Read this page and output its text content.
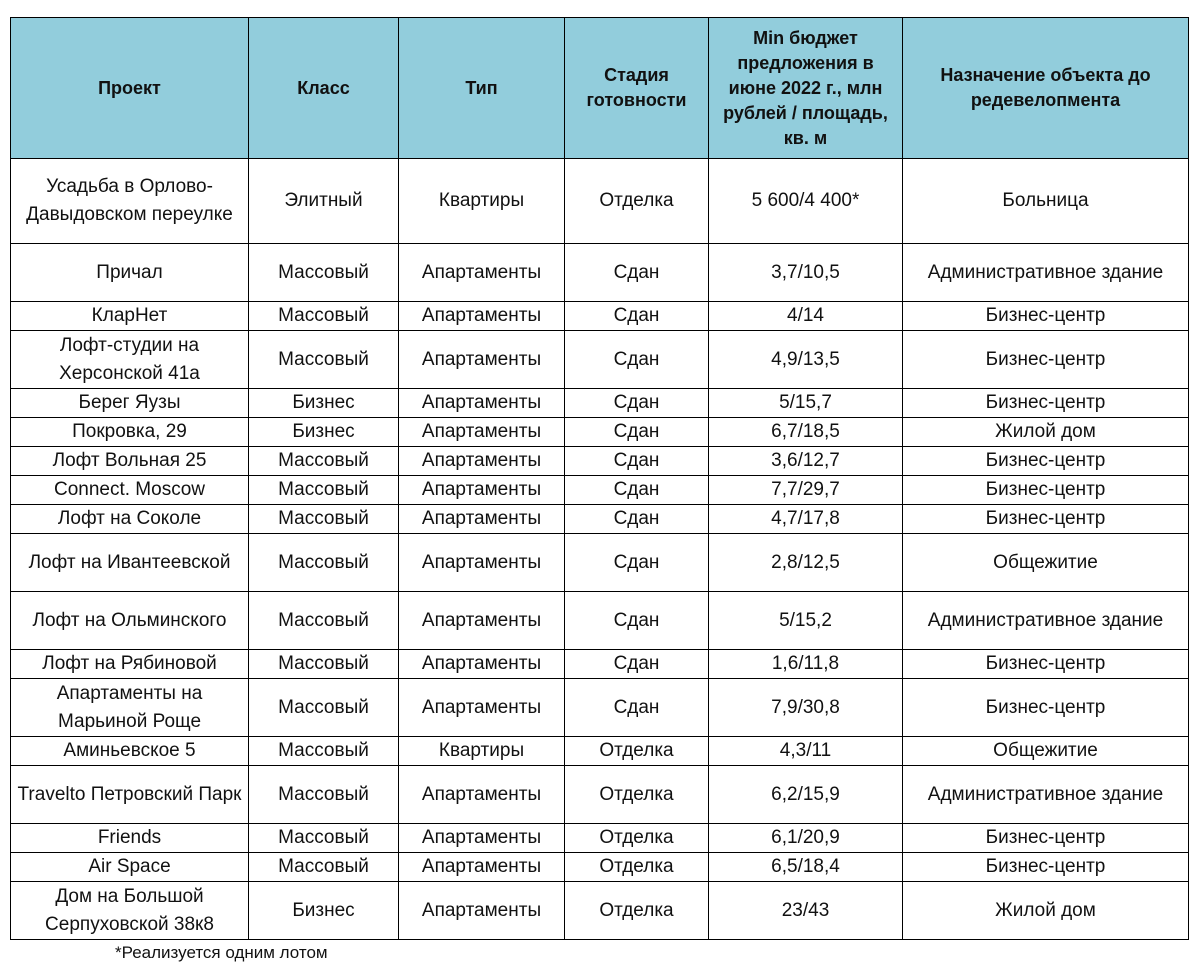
Проект	Класс	Тип	Стадия готовности	Min бюджет предложения в июне 2022 г., млн рублей / площадь, кв. м	Назначение объекта до редевелопмента
Усадьба в Орлово-Давыдовском переулке	Элитный	Квартиры	Отделка	5 600/4 400*	Больница
Причал	Массовый	Апартаменты	Сдан	3,7/10,5	Административное здание
КларНет	Массовый	Апартаменты	Сдан	4/14	Бизнес-центр
Лофт-студии на Херсонской 41а	Массовый	Апартаменты	Сдан	4,9/13,5	Бизнес-центр
Берег Яузы	Бизнес	Апартаменты	Сдан	5/15,7	Бизнес-центр
Покровка, 29	Бизнес	Апартаменты	Сдан	6,7/18,5	Жилой дом
Лофт Вольная 25	Массовый	Апартаменты	Сдан	3,6/12,7	Бизнес-центр
Connect. Moscow	Массовый	Апартаменты	Сдан	7,7/29,7	Бизнес-центр
Лофт на Соколе	Массовый	Апартаменты	Сдан	4,7/17,8	Бизнес-центр
Лофт на Ивантеевской	Массовый	Апартаменты	Сдан	2,8/12,5	Общежитие
Лофт на Ольминского	Массовый	Апартаменты	Сдан	5/15,2	Административное здание
Лофт на Рябиновой	Массовый	Апартаменты	Сдан	1,6/11,8	Бизнес-центр
Апартаменты на Марьиной Роще	Массовый	Апартаменты	Сдан	7,9/30,8	Бизнес-центр
Аминьевское 5	Массовый	Квартиры	Отделка	4,3/11	Общежитие
Travelto Петровский Парк	Массовый	Апартаменты	Отделка	6,2/15,9	Административное здание
Friends	Массовый	Апартаменты	Отделка	6,1/20,9	Бизнес-центр
Air Space	Массовый	Апартаменты	Отделка	6,5/18,4	Бизнес-центр
Дом на Большой Серпуховской 38к8	Бизнес	Апартаменты	Отделка	23/43	Жилой дом
*Реализуется одним лотом
